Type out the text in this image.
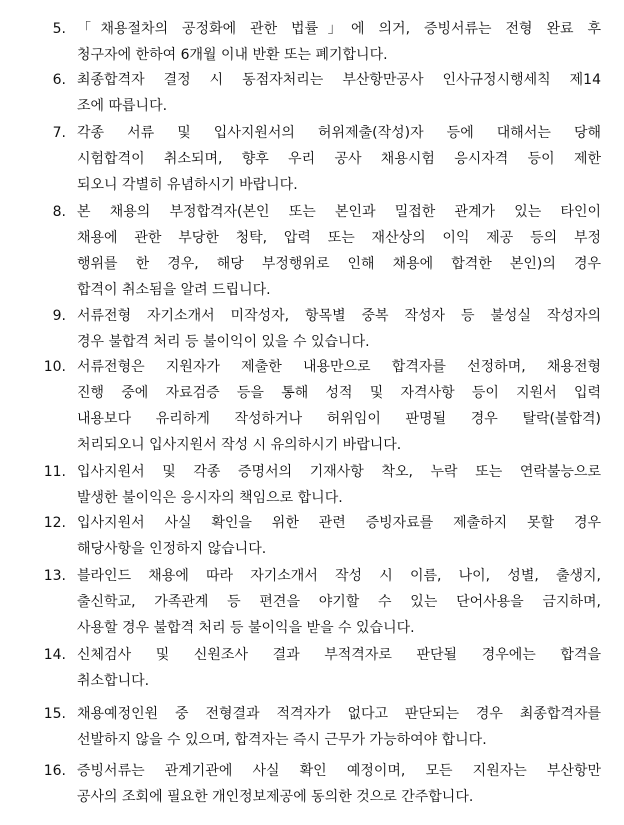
5. 「채용절차의 공정화에 관한 법률」에 의거, 증빙서류는 전형 완료 후
청구자에 한하여 6개월 이내 반환 또는 폐기합니다.
6. 최종합격자 결정 시 동점자처리는 부산항만공사 인사규정시행세칙 제14
조에 따릅니다.
7. 각종 서류 및 입사지원서의 허위제출(작성)자 등에 대해서는 당해
시험합격이 취소되며, 향후 우리 공사 채용시험 응시자격 등이 제한
되오니 각별히 유념하시기 바랍니다.
8. 본 채용의 부정합격자(본인 또는 본인과 밀접한 관계가 있는 타인이
채용에 관한 부당한 청탁, 압력 또는 재산상의 이익 제공 등의 부정
행위를 한 경우, 해당 부정행위로 인해 채용에 합격한 본인)의 경우
합격이 취소됨을 알려 드립니다.
9. 서류전형 자기소개서 미작성자, 항목별 중복 작성자 등 불성실 작성자의
경우 불합격 처리 등 불이익이 있을 수 있습니다.
10. 서류전형은 지원자가 제출한 내용만으로 합격자를 선정하며, 채용전형
진행 중에 자료검증 등을 통해 성적 및 자격사항 등이 지원서 입력
내용보다 유리하게 작성하거나 허위임이 판명될 경우 탈락(불합격)
처리되오니 입사지원서 작성 시 유의하시기 바랍니다.
11. 입사지원서 및 각종 증명서의 기재사항 착오, 누락 또는 연락불능으로
발생한 불이익은 응시자의 책임으로 합니다.
12. 입사지원서 사실 확인을 위한 관련 증빙자료를 제출하지 못할 경우
해당사항을 인정하지 않습니다.
13. 블라인드 채용에 따라 자기소개서 작성 시 이름, 나이, 성별, 출생지,
출신학교, 가족관계 등 편견을 야기할 수 있는 단어사용을 금지하며,
사용할 경우 불합격 처리 등 불이익을 받을 수 있습니다.
14. 신체검사 및 신원조사 결과 부적격자로 판단될 경우에는 합격을
취소합니다.
15. 채용예정인원 중 전형결과 적격자가 없다고 판단되는 경우 최종합격자를
선발하지 않을 수 있으며, 합격자는 즉시 근무가 가능하여야 합니다.
16. 증빙서류는 관계기관에 사실 확인 예정이며, 모든 지원자는 부산항만
공사의 조회에 필요한 개인정보제공에 동의한 것으로 간주합니다.
